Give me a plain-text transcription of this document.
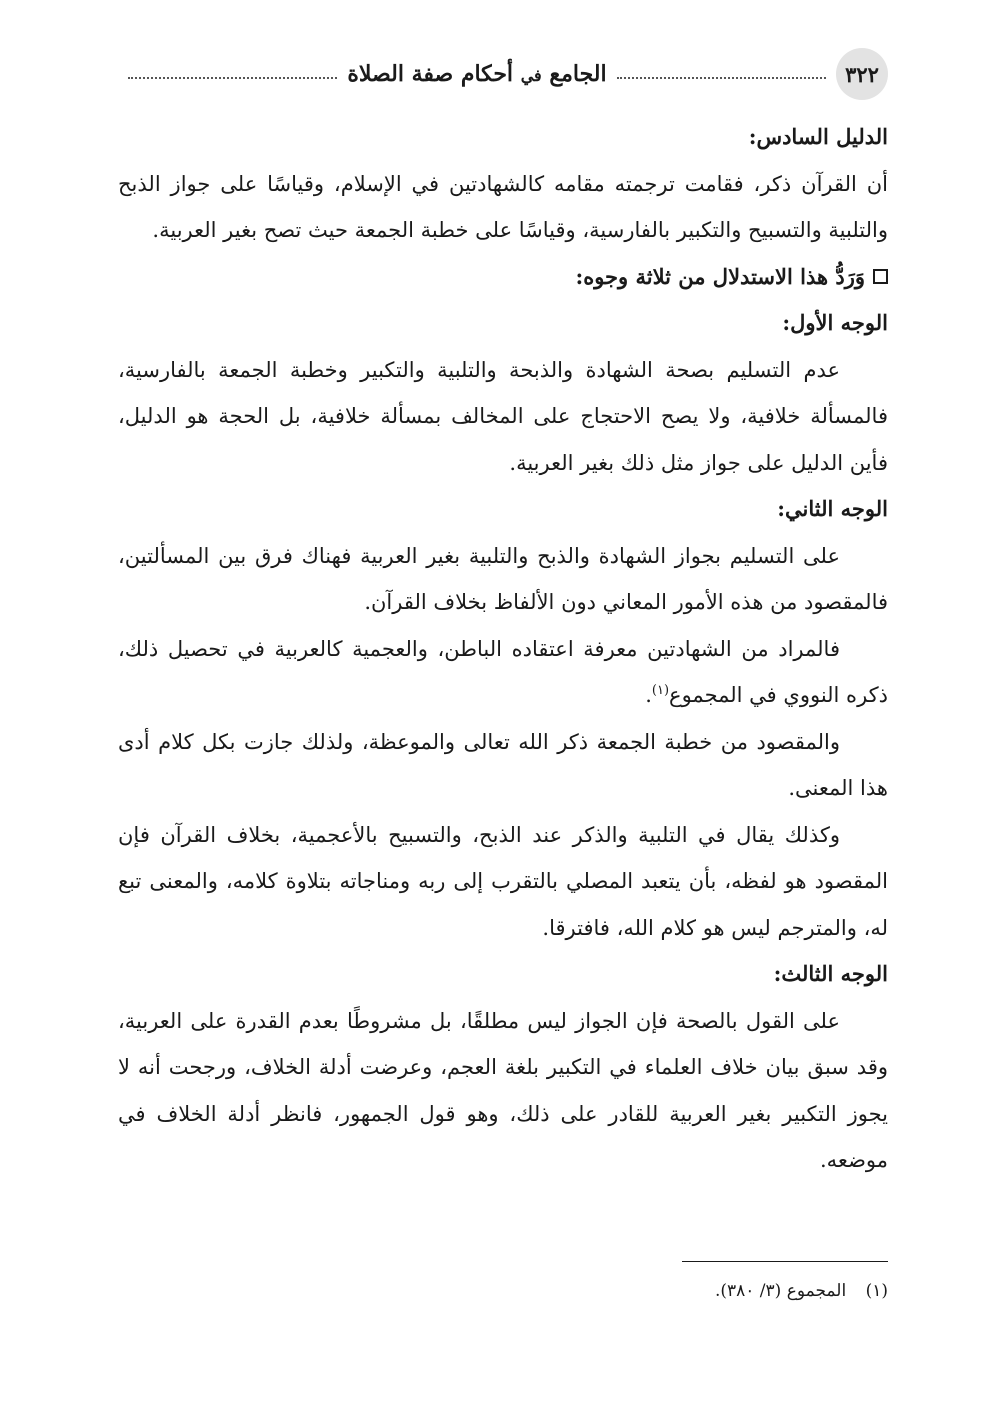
٣٢٢
الجامع في أحكام صفة الصلاة
الدليل السادس:

أن القرآن ذكر، فقامت ترجمته مقامه كالشهادتين في الإسلام، وقياسًا على جواز الذبح والتلبية والتسبيح والتكبير بالفارسية، وقياسًا على خطبة الجمعة حيث تصح بغير العربية.

وَرَدُّ هذا الاستدلال من ثلاثة وجوه:
الوجه الأول:

عدم التسليم بصحة الشهادة والذبحة والتلبية والتكبير وخطبة الجمعة بالفارسية، فالمسألة خلافية، ولا يصح الاحتجاج على المخالف بمسألة خلافية، بل الحجة هو الدليل، فأين الدليل على جواز مثل ذلك بغير العربية.

الوجه الثاني:

على التسليم بجواز الشهادة والذبح والتلبية بغير العربية فهناك فرق بين المسألتين، فالمقصود من هذه الأمور المعاني دون الألفاظ بخلاف القرآن.

فالمراد من الشهادتين معرفة اعتقاده الباطن، والعجمية كالعربية في تحصيل ذلك، ذكره النووي في المجموع$^{(١)}$.

والمقصود من خطبة الجمعة ذكر الله تعالى والموعظة، ولذلك جازت بكل كلام أدى هذا المعنى.

وكذلك يقال في التلبية والذكر عند الذبح، والتسبيح بالأعجمية، بخلاف القرآن فإن المقصود هو لفظه، بأن يتعبد المصلي بالتقرب إلى ربه ومناجاته بتلاوة كلامه، والمعنى تبع له، والمترجم ليس هو كلام الله، فافترقا.

الوجه الثالث:

على القول بالصحة فإن الجواز ليس مطلقًا، بل مشروطًا بعدم القدرة على العربية، وقد سبق بيان خلاف العلماء في التكبير بلغة العجم، وعرضت أدلة الخلاف، ورجحت أنه لا يجوز التكبير بغير العربية للقادر على ذلك، وهو قول الجمهور، فانظر أدلة الخلاف في موضعه.

(١) المجموع (٣/ ٣٨٠).
